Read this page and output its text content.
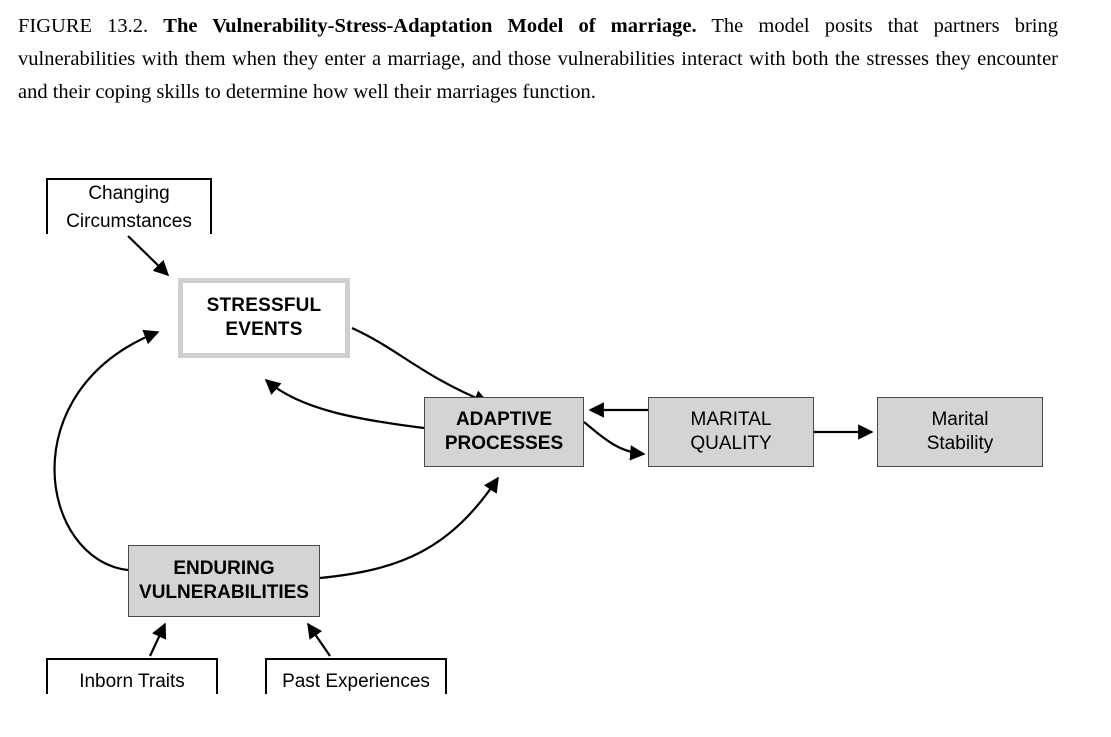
FIGURE 13.2. The Vulnerability-Stress-Adaptation Model of marriage. The model posits that partners bring vulnerabilities with them when they enter a marriage, and those vulnerabilities interact with both the stresses they encounter and their coping skills to determine how well their marriages function.
Changing
Circumstances
STRESSFUL
EVENTS
ADAPTIVE
PROCESSES
MARITAL
QUALITY
Marital
Stability
ENDURING
VULNERABILITIES
Inborn Traits	Past Experiences
